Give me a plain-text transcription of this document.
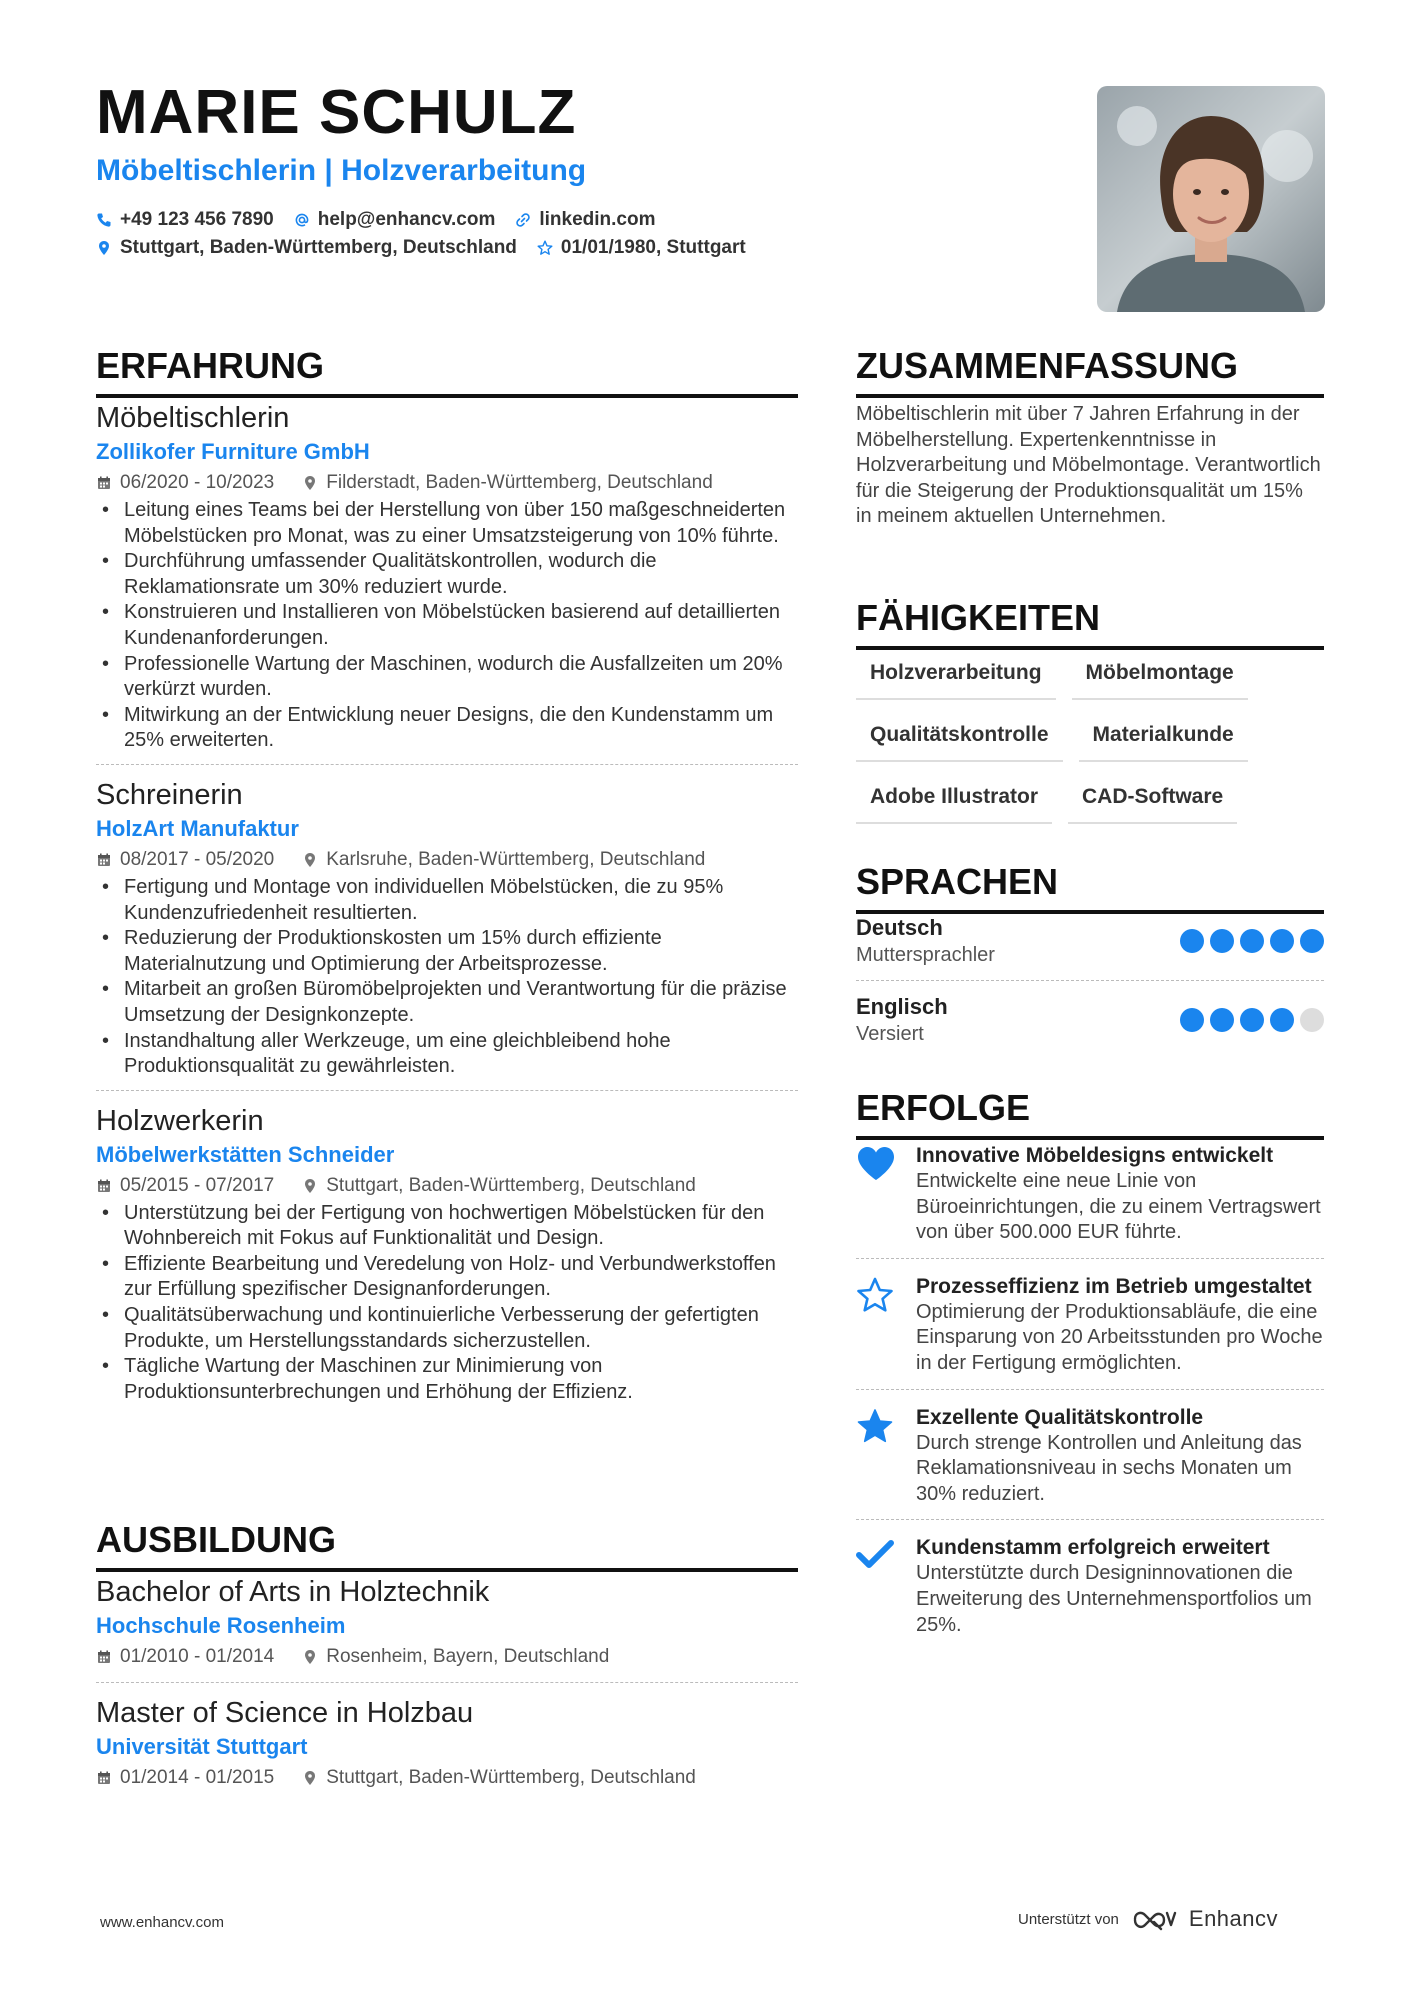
MARIE SCHULZ
Möbeltischlerin | Holzverarbeitung
+49 123 456 7890 help@enhancv.com linkedin.com
Stuttgart, Baden-Württemberg, Deutschland 01/01/1980, Stuttgart
ERFAHRUNG
Möbeltischlerin
Zollikofer Furniture GmbH
06/2020 - 10/2023	Filderstadt, Baden-Württemberg, Deutschland
• Leitung eines Teams bei der Herstellung von über 150 maßgeschneiderten Möbelstücken pro Monat, was zu einer Umsatzsteigerung von 10% führte.
• Durchführung umfassender Qualitätskontrollen, wodurch die Reklamationsrate um 30% reduziert wurde.
• Konstruieren und Installieren von Möbelstücken basierend auf detaillierten Kundenanforderungen.
• Professionelle Wartung der Maschinen, wodurch die Ausfallzeiten um 20% verkürzt wurden.
• Mitwirkung an der Entwicklung neuer Designs, die den Kundenstamm um 25% erweiterten.
Schreinerin
HolzArt Manufaktur
08/2017 - 05/2020	Karlsruhe, Baden-Württemberg, Deutschland
• Fertigung und Montage von individuellen Möbelstücken, die zu 95% Kundenzufriedenheit resultierten.
• Reduzierung der Produktionskosten um 15% durch effiziente Materialnutzung und Optimierung der Arbeitsprozesse.
• Mitarbeit an großen Büromöbelprojekten und Verantwortung für die präzise Umsetzung der Designkonzepte.
• Instandhaltung aller Werkzeuge, um eine gleichbleibend hohe Produktionsqualität zu gewährleisten.
Holzwerkerin
Möbelwerkstätten Schneider
05/2015 - 07/2017	Stuttgart, Baden-Württemberg, Deutschland
• Unterstützung bei der Fertigung von hochwertigen Möbelstücken für den Wohnbereich mit Fokus auf Funktionalität und Design.
• Effiziente Bearbeitung und Veredelung von Holz- und Verbundwerkstoffen zur Erfüllung spezifischer Designanforderungen.
• Qualitätsüberwachung und kontinuierliche Verbesserung der gefertigten Produkte, um Herstellungsstandards sicherzustellen.
• Tägliche Wartung der Maschinen zur Minimierung von Produktionsunterbrechungen und Erhöhung der Effizienz.
AUSBILDUNG
Bachelor of Arts in Holztechnik
Hochschule Rosenheim
01/2010 - 01/2014	Rosenheim, Bayern, Deutschland
Master of Science in Holzbau
Universität Stuttgart
01/2014 - 01/2015	Stuttgart, Baden-Württemberg, Deutschland
ZUSAMMENFASSUNG
Möbeltischlerin mit über 7 Jahren Erfahrung in der Möbelherstellung. Expertenkenntnisse in Holzverarbeitung und Möbelmontage. Verantwortlich für die Steigerung der Produktionsqualität um 15% in meinem aktuellen Unternehmen.
FÄHIGKEITEN
Holzverarbeitung	Möbelmontage
Qualitätskontrolle	Materialkunde
Adobe Illustrator	CAD-Software
SPRACHEN
Deutsch
Muttersprachler
Englisch
Versiert
ERFOLGE
Innovative Möbeldesigns entwickelt
Entwickelte eine neue Linie von Büroeinrichtungen, die zu einem Vertragswert von über 500.000 EUR führte.
Prozesseffizienz im Betrieb umgestaltet
Optimierung der Produktionsabläufe, die eine Einsparung von 20 Arbeitsstunden pro Woche in der Fertigung ermöglichten.
Exzellente Qualitätskontrolle
Durch strenge Kontrollen und Anleitung das Reklamationsniveau in sechs Monaten um 30% reduziert.
Kundenstamm erfolgreich erweitert
Unterstützte durch Designinnovationen die Erweiterung des Unternehmensportfolios um 25%.
www.enhancv.com	Unterstützt von	Enhancv
